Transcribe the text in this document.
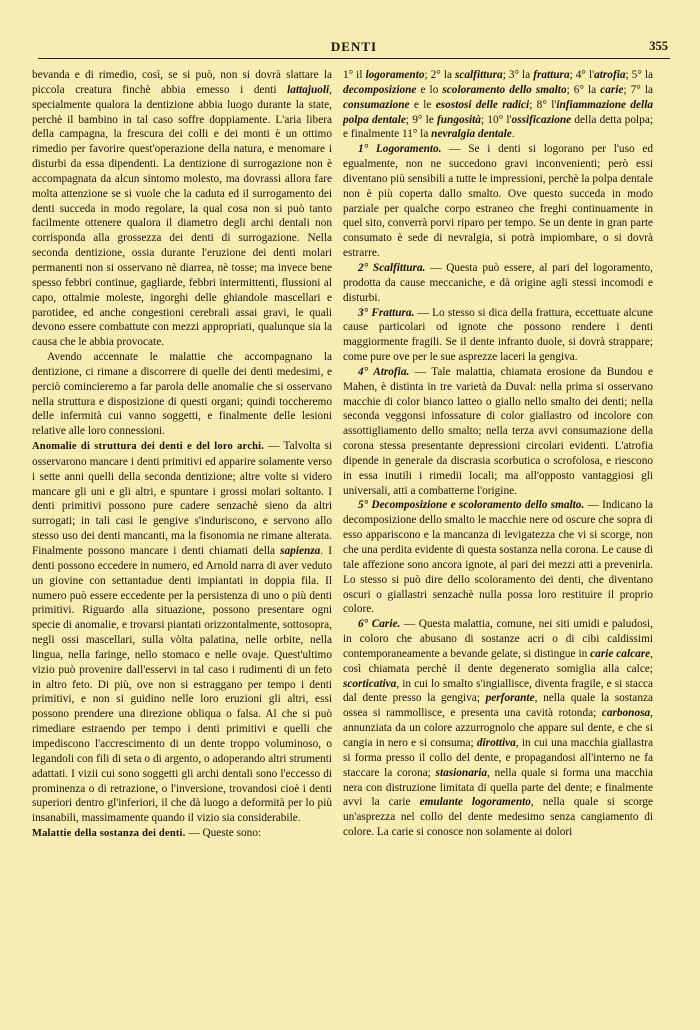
DENTI	355

bevanda e di rimedio, così, se si può, non si dovrà slattare la piccola creatura finchè abbia emesso i denti lattajuoli, specialmente qualora la dentizione abbia luogo durante la state, perchè il bambino in tal caso soffre doppiamente. L'aria libera della campagna, la frescura dei colli e dei monti è un ottimo rimedio per favorire quest'operazione della natura, e menomare i disturbi da essa dipendenti. La dentizione di surrogazione non è accompagnata da alcun sintomo molesto, ma dovrassi allora fare molta attenzione se si vuole che la caduta ed il surrogamento dei denti succeda in modo regolare, la qual cosa non si può tanto facilmente ottenere qualora il diametro degli archi dentali non corrisponda alla grossezza dei denti di surrogazione. Nella seconda dentizione, ossia durante l'eruzione dei denti molari permanenti non si osservano nè diarrea, nè tosse; ma invece bene spesso febbri continue, gagliarde, febbri intermittenti, flussioni al capo, ottalmie moleste, ingorghi delle ghiandole mascellari e parotidee, ed anche congestioni cerebrali assai gravi, le quali devono essere combattute con mezzi appropriati, qualunque sia la causa che le abbia provocate.

Avendo accennate le malattie che accompagnano la dentizione, ci rimane a discorrere di quelle dei denti medesimi, e perciò comincieremo a far parola delle anomalie che si osservano nella struttura e disposizione di questi organi; quindi toccheremo delle infermità cui vanno soggetti, e finalmente delle lesioni relative alle loro connessioni.

Anomalie di struttura dei denti e del loro archi. — Talvolta si osservarono mancare i denti primitivi ed apparire solamente verso i sette anni quelli della seconda dentizione; altre volte si videro mancare gli uni e gli altri, e spuntare i grossi molari soltanto. I denti primitivi possono pure cadere senzachè sieno da altri surrogati; in tali casi le gengive s'induriscono, e servono allo stesso uso dei denti mancanti, ma la fisonomia ne rimane alterata. Finalmente possono mancare i denti chiamati della sapienza. I denti possono eccedere in numero, ed Arnold narra di aver veduto un giovine con settantadue denti impiantati in doppia fila. Il numero può essere eccedente per la persistenza di uno o più denti primitivi. Riguardo alla situazione, possono presentare ogni specie di anomalie, e trovarsi piantati orizzontalmente, sottosopra, negli ossi mascellari, sulla vòlta palatina, nelle orbite, nella lingua, nella faringe, nello stomaco e nelle ovaje. Quest'ultimo vizio può provenire dall'esservi in tal caso i rudimenti di un feto in altro feto. Di più, ove non si estraggano per tempo i denti primitivi, e non si guidino nelle loro eruzioni gli altri, essi possono prendere una direzione obliqua o falsa. Al che si può rimediare estraendo per tempo i denti primitivi e quelli che impediscono l'accrescimento di un dente troppo voluminoso, o legandoli con fili di seta o di argento, o adoperando altri strumenti adattati. I vizii cui sono soggetti gli archi dentali sono l'eccesso di prominenza o di retrazione, o l'inversione, trovandosi cioè i denti superiori dentro gl'inferiori, il che dà luogo a deformità per lo più insanabili, massimamente quando il vizio sia considerabile.

Malattie della sostanza dei denti. — Queste sono:

1° il logoramento; 2° la scalfittura; 3° la frattura; 4° l'atrofia; 5° la decomposizione e lo scoloramento dello smalto; 6° la carie; 7° la consumazione e le esostosi delle radici; 8° l'infiammazione della polpa dentale; 9° le fungosità; 10° l'ossificazione della detta polpa; e finalmente 11° la nevralgia dentale.

1° Logoramento. — Se i denti si logorano per l'uso ed egualmente, non ne succedono gravi inconvenienti; però essi diventano più sensibili a tutte le impressioni, perchè la polpa dentale non è più coperta dallo smalto. Ove questo succeda in modo parziale per qualche corpo estraneo che freghi continuamente in quel sito, converrà porvi riparo per tempo. Se un dente in gran parte consumato è sede di nevralgia, si potrà impiombare, o si dovrà estrarre.

2° Scalfittura. — Questa può essere, al pari del logoramento, prodotta da cause meccaniche, e dà origine agli stessi incomodi e disturbi.

3° Frattura. — Lo stesso si dica della frattura, eccettuate alcune cause particolari od ignote che possono rendere i denti maggiormente fragili. Se il dente infranto duole, si dovrà strappare; come pure ove per le sue asprezze laceri la gengiva.

4° Atrofia. — Tale malattia, chiamata erosione da Bundou e Mahen, è distinta in tre varietà da Duval: nella prima si osservano macchie di color bianco latteo o giallo nello smalto dei denti; nella seconda veggonsi infossature di color giallastro od incolore con assottigliamento dello smalto; nella terza avvi consumazione della corona stessa presentante depressioni circolari evidenti. L'atrofia dipende in generale da discrasia scorbutica o scrofolosa, e riescono in essa inutili i rimedii locali; ma all'opposto vantaggiosi gli universali, atti a combatterne l'origine.

5° Decomposizione e scoloramento dello smalto. — Indicano la decomposizione dello smalto le macchie nere od oscure che sopra di esso appariscono e la mancanza di levigatezza che vi si scorge, non che una perdita evidente di questa sostanza nella corona. Le cause di tale affezione sono ancora ignote, al pari dei mezzi atti a prevenirla. Lo stesso si può dire dello scoloramento dei denti, che diventano oscuri o giallastri senzachè nulla possa loro restituire il proprio colore.

6° Carie. — Questa malattia, comune, nei siti umidi e paludosi, in coloro che abusano di sostanze acri o di cibi caldissimi contemporaneamente a bevande gelate, si distingue in carie calcare, così chiamata perchè il dente degenerato somiglia alla calce; scorticativa, in cui lo smalto s'ingiallisce, diventa fragile, e si stacca dal dente presso la gengiva; perforante, nella quale la sostanza ossea si rammollisce, e presenta una cavità rotonda; carbonosa, annunziata da un colore azzurrognolo che appare sul dente, e che si cangia in nero e si consuma; dirottiva, in cui una macchia giallastra si forma presso il collo del dente, e propagandosi all'interno ne fa staccare la corona; stasionaria, nella quale si forma una macchia nera con distruzione limitata di quella parte del dente; e finalmente avvi la carie emulante logoramento, nella quale si scorge un'asprezza nel collo del dente medesimo senza cangiamento di colore. La carie si conosce non solamente ai dolori
